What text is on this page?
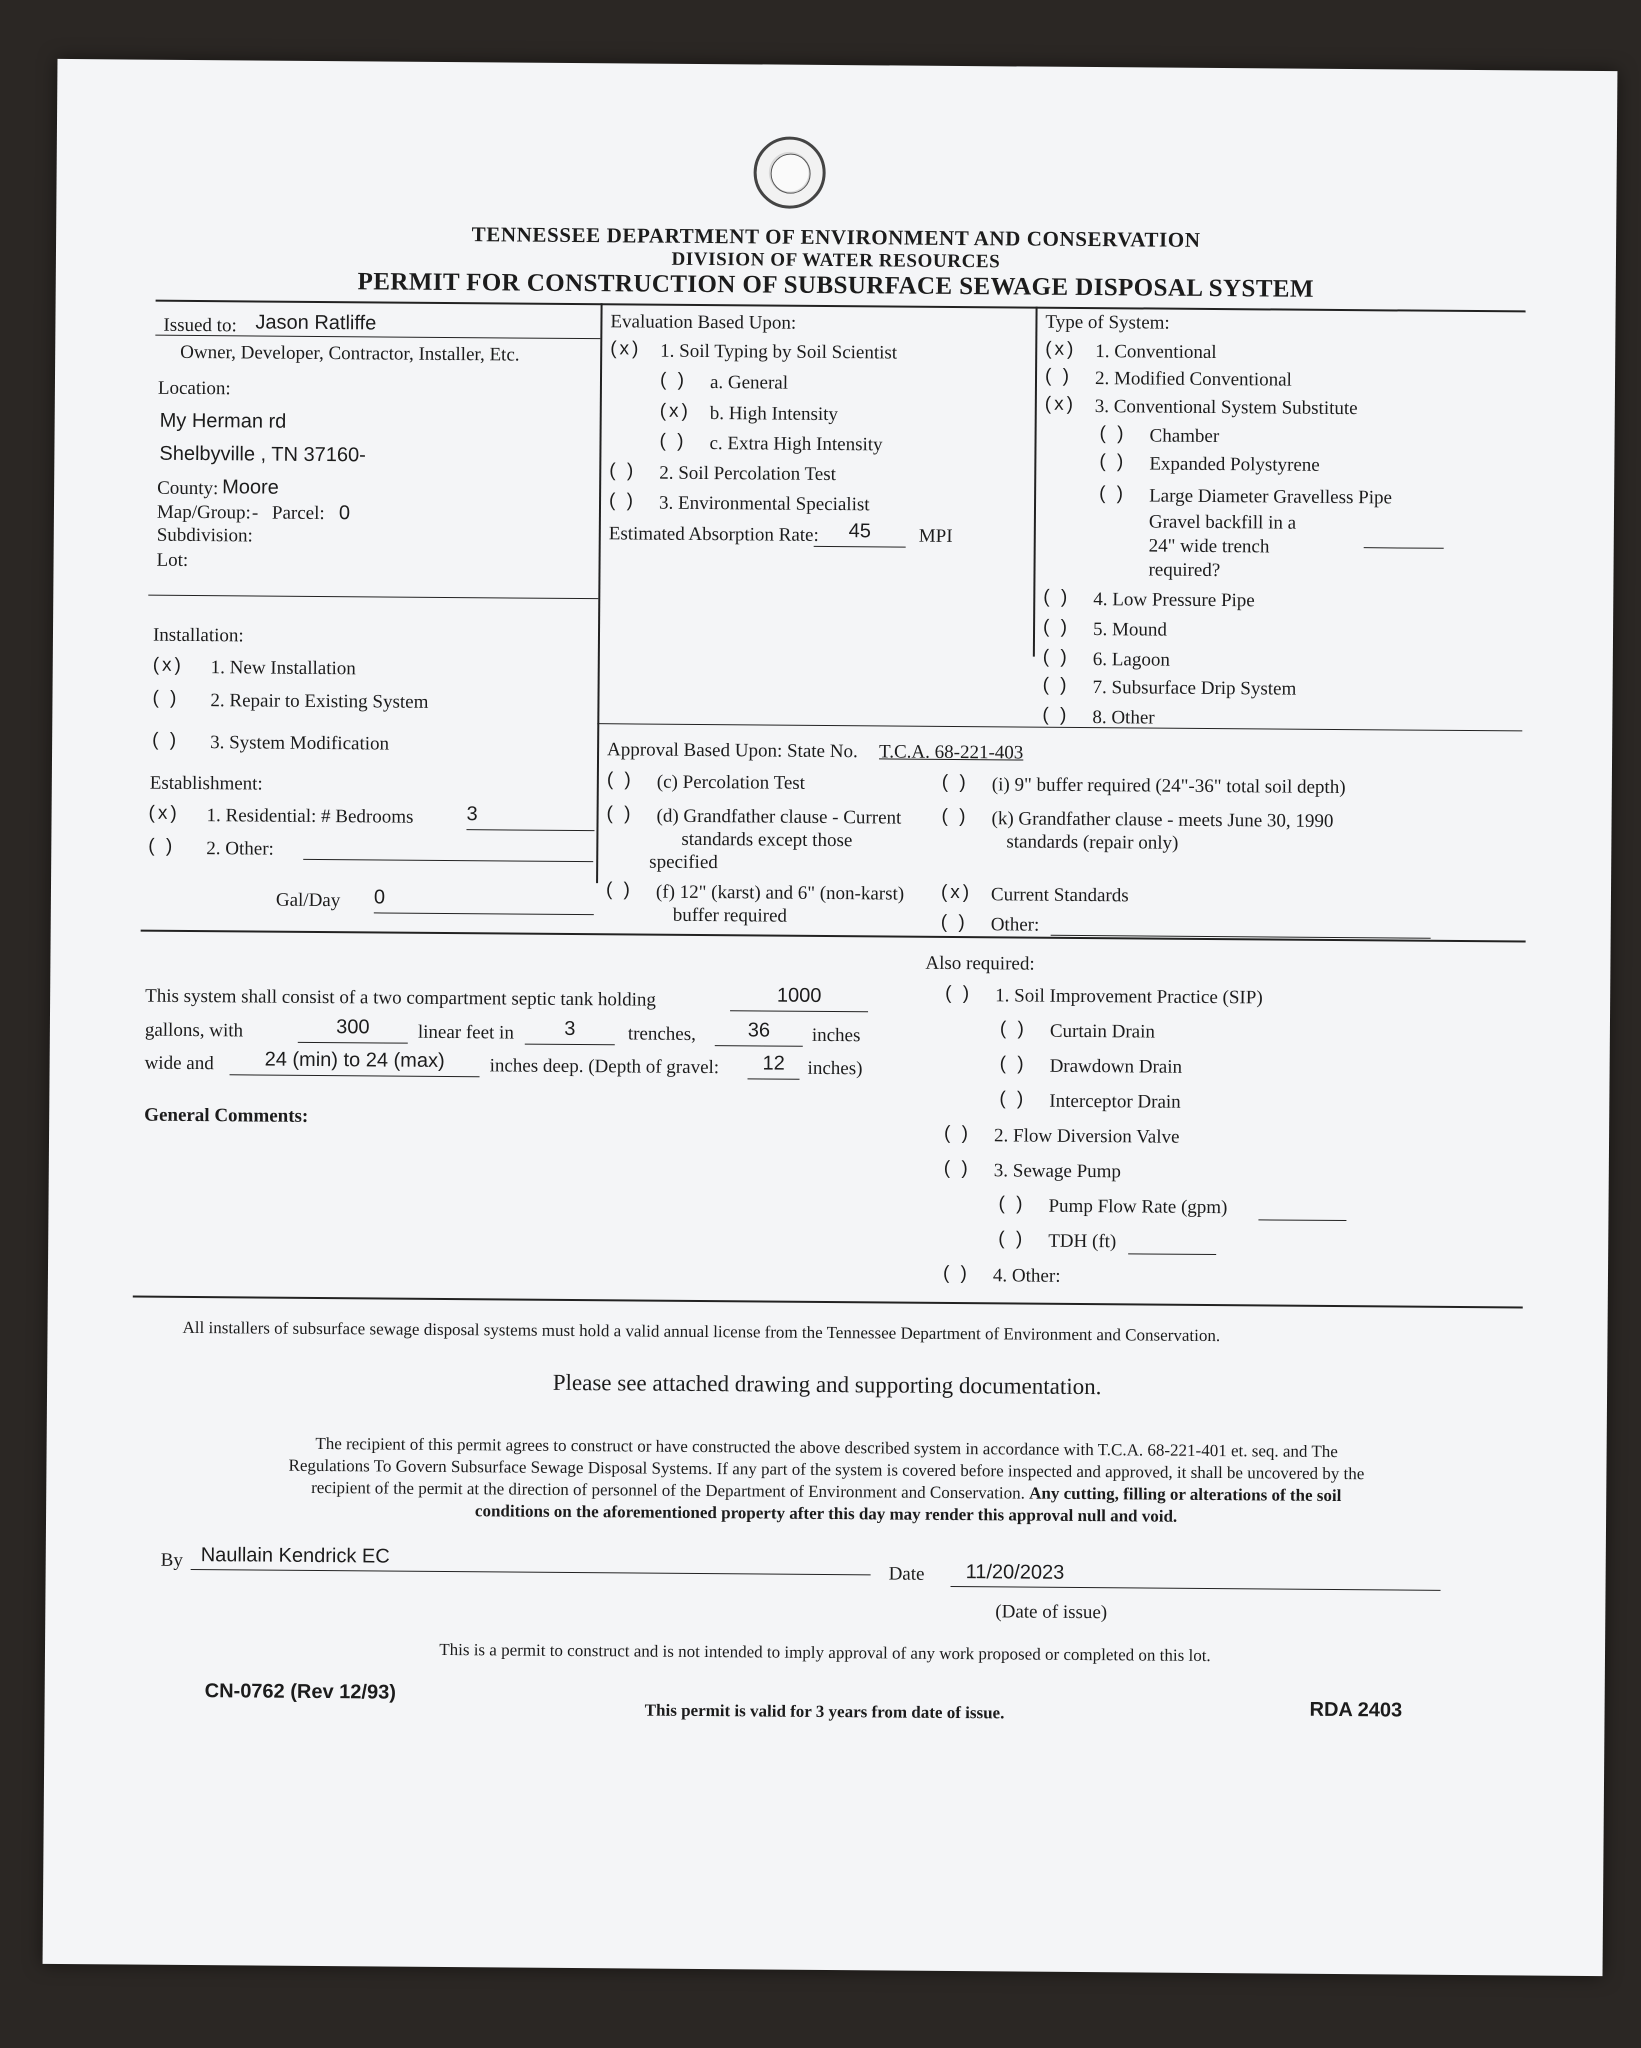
TENNESSEE DEPARTMENT OF ENVIRONMENT AND CONSERVATION
DIVISION OF WATER RESOURCES
PERMIT FOR CONSTRUCTION OF SUBSURFACE SEWAGE DISPOSAL SYSTEM
Issued to: Jason Ratliffe
Owner, Developer, Contractor, Installer, Etc.
Location:
My Herman rd
Shelbyville , TN 37160-
County: Moore
Map/Group: - Parcel: 0
Subdivision:
Lot:
Installation:
(x) 1. New Installation
( ) 2. Repair to Existing System
( ) 3. System Modification
Establishment:
(x) 1. Residential: # Bedrooms	3
( ) 2. Other:
Gal/Day 0
Evaluation Based Upon:
(x) 1. Soil Typing by Soil Scientist
( ) a. General
(x) b. High Intensity
( ) c. Extra High Intensity
( ) 2. Soil Percolation Test
( ) 3. Environmental Specialist
Estimated Absorption Rate:	45	MPI
Type of System:
(x) 1. Conventional
( ) 2. Modified Conventional
(x) 3. Conventional System Substitute
( ) Chamber
( ) Expanded Polystyrene
( ) Large Diameter Gravelless Pipe
Gravel backfill in a
24" wide trench
required?
( ) 4. Low Pressure Pipe
( ) 5. Mound
( ) 6. Lagoon
( ) 7. Subsurface Drip System
( ) 8. Other
Approval Based Upon: State No. T.C.A. 68-221-403
( ) (c) Percolation Test
( ) (d) Grandfather clause - Current
standards except those
specified
( ) (f) 12" (karst) and 6" (non-karst)
buffer required
( ) (i) 9" buffer required (24"-36" total soil depth)
( ) (k) Grandfather clause - meets June 30, 1990
standards (repair only)
(x) Current Standards
( ) Other:
This system shall consist of a two compartment septic tank holding	1000
gallons, with	300	linear feet in	3	trenches,	36	inches
wide and	24 (min) to 24 (max)	inches deep. (Depth of gravel:	12	inches)
General Comments:
Also required:
( ) 1. Soil Improvement Practice (SIP)
( ) Curtain Drain
( ) Drawdown Drain
( ) Interceptor Drain
( ) 2. Flow Diversion Valve
( ) 3. Sewage Pump
( ) Pump Flow Rate (gpm)
( ) TDH (ft)
( ) 4. Other:
All installers of subsurface sewage disposal systems must hold a valid annual license from the Tennessee Department of Environment and Conservation.
Please see attached drawing and supporting documentation.
The recipient of this permit agrees to construct or have constructed the above described system in accordance with T.C.A. 68-221-401 et. seq. and The
Regulations To Govern Subsurface Sewage Disposal Systems. If any part of the system is covered before inspected and approved, it shall be uncovered by the
recipient of the permit at the direction of personnel of the Department of Environment and Conservation. Any cutting, filling or alterations of the soil
conditions on the aforementioned property after this day may render this approval null and void.
By Naullain Kendrick EC
Date	11/20/2023
(Date of issue)
This is a permit to construct and is not intended to imply approval of any work proposed or completed on this lot.
CN-0762 (Rev 12/93)
This permit is valid for 3 years from date of issue.	RDA 2403
